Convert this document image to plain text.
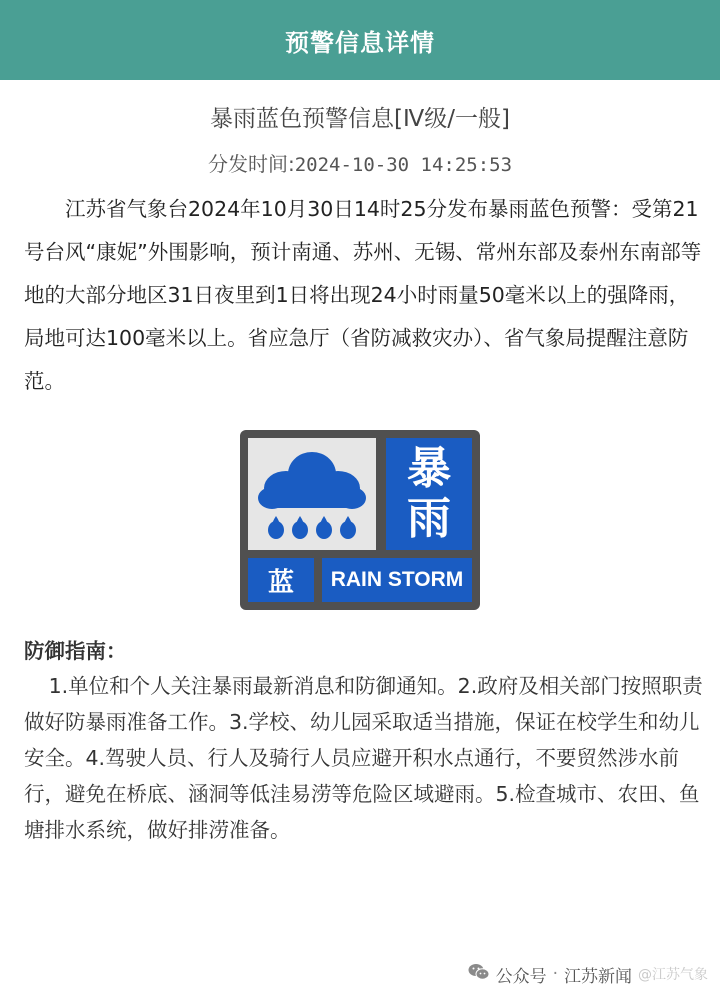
预警信息详情
暴雨蓝色预警信息[Ⅳ级/一般]
分发时间:2024-10-30 14:25:53

江苏省气象台2024年10月30日14时25分发布暴雨蓝色预警：受第21号台风“康妮”外围影响，预计南通、苏州、无锡、常州东部及泰州东南部等地的大部分地区31日夜里到1日将出现24小时雨量50毫米以上的强降雨，局地可达100毫米以上。省应急厅（省防减救灾办）、省气象局提醒注意防范。

暴
雨
蓝 RAIN STORM
防御指南：

1.单位和个人关注暴雨最新消息和防御通知。2.政府及相关部门按照职责做好防暴雨准备工作。3.学校、幼儿园采取适当措施，保证在校学生和幼儿安全。4.驾驶人员、行人及骑行人员应避开积水点通行，不要贸然涉水前行，避免在桥底、涵洞等低洼易涝等危险区域避雨。5.检查城市、农田、鱼塘排水系统，做好排涝准备。

公众号 · 江苏新闻 @江苏气象
